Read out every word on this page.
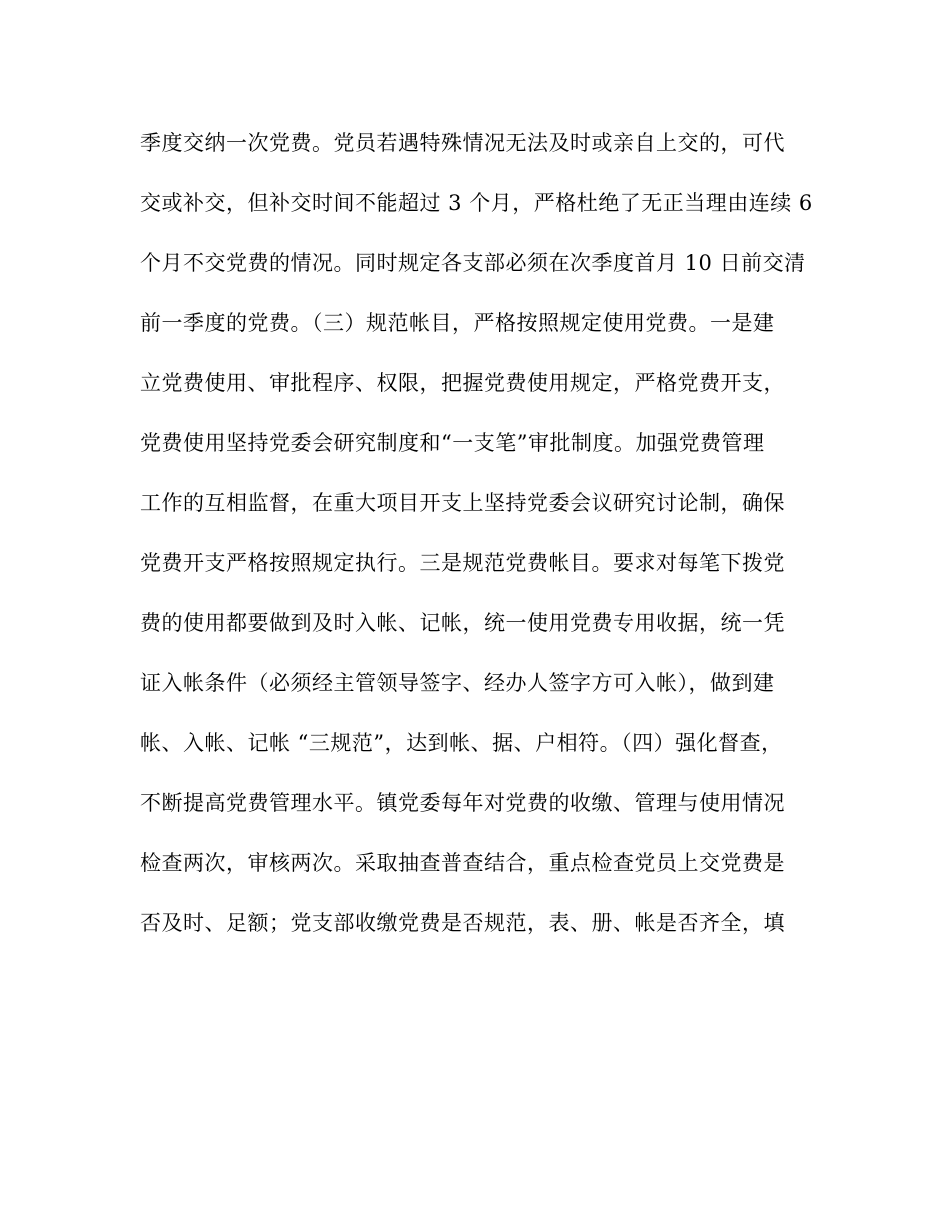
季度交纳一次党费。党员若遇特殊情况无法及时或亲自上交的，可代
交或补交，但补交时间不能超过 3 个月，严格杜绝了无正当理由连续 6
个月不交党费的情况。同时规定各支部必须在次季度首月 10 日前交清
前一季度的党费。（三）规范帐目，严格按照规定使用党费。一是建
立党费使用、审批程序、权限，把握党费使用规定，严格党费开支，
党费使用坚持党委会研究制度和“一支笔”审批制度。加强党费管理
工作的互相监督，在重大项目开支上坚持党委会议研究讨论制，确保
党费开支严格按照规定执行。三是规范党费帐目。要求对每笔下拨党
费的使用都要做到及时入帐、记帐，统一使用党费专用收据，统一凭
证入帐条件（必须经主管领导签字、经办人签字方可入帐），做到建
帐、入帐、记帐 “三规范”，达到帐、据、户相符。（四）强化督查，
不断提高党费管理水平。镇党委每年对党费的收缴、管理与使用情况
检查两次，审核两次。采取抽查普查结合，重点检查党员上交党费是
否及时、足额；党支部收缴党费是否规范，表、册、帐是否齐全，填
